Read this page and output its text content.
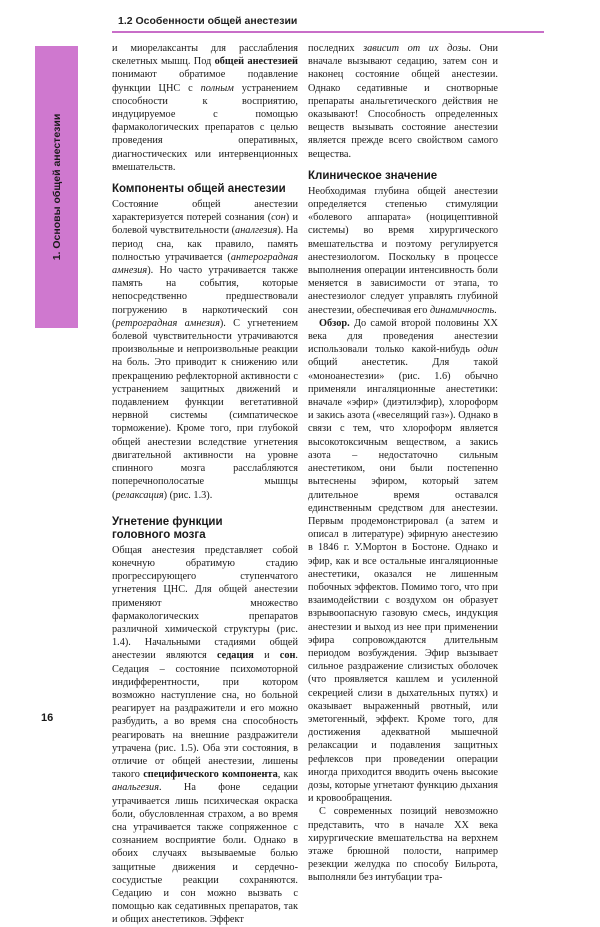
1.2 Особенности общей анестезии
1. Основы общей анестезии
16

и миорелаксанты для расслабления скелетных мышц. Под общей анестезией понимают обратимое подавление функции ЦНС с полным устранением способности к восприятию, индуцируемое с помощью фармакологических препаратов с целью проведения оперативных, диагностических или интервенционных вмешательств.

Компоненты общей анестезии

Состояние общей анестезии характеризуется потерей сознания (сон) и болевой чувствительности (аналгезия). На период сна, как правило, память полностью утрачивается (антероградная амнезия). Но часто утрачивается также память на события, которые непосредственно предшествовали погружению в наркотический сон (ретроградная амнезия). С угнетением болевой чувствительности утрачиваются произвольные и непроизвольные реакции на боль. Это приводит к снижению или прекращению рефлекторной активности с устранением защитных движений и подавлением функции вегетативной нервной системы (симпатическое торможение). Кроме того, при глубокой общей анестезии вследствие угнетения двигательной активности на уровне спинного мозга расслабляются поперечнополосатые мышцы (релаксация) (рис. 1.3).

Угнетение функции
головного мозга

Общая анестезия представляет собой конечную обратимую стадию прогрессирующего ступенчатого угнетения ЦНС. Для общей анестезии применяют множество фармакологических препаратов различной химической структуры (рис. 1.4). Начальными стадиями общей анестезии являются седация и сон. Седация – состояние психомоторной индифферентности, при котором возможно наступление сна, но больной реагирует на раздражители и его можно разбудить, а во время сна способность реагировать на внешние раздражители утрачена (рис. 1.5). Оба эти состояния, в отличие от общей анестезии, лишены такого специфического компонента, как анальгезия. На фоне седации утрачивается лишь психическая окраска боли, обусловленная страхом, а во время сна утрачивается также сопряженное с сознанием восприятие боли. Однако в обоих случаях вызываемые болью защитные движения и сердечно-сосудистые реакции сохраняются. Седацию и сон можно вызвать с помощью как седативных препаратов, так и общих анестетиков. Эффект

последних зависит от их дозы. Они вначале вызывают седацию, затем сон и наконец состояние общей анестезии. Однако седативные и снотворные препараты анальгетического действия не оказывают! Способность определенных веществ вызывать состояние анестезии является прежде всего свойством самого вещества.

Клиническое значение

Необходимая глубина общей анестезии определяется степенью стимуляции «болевого аппарата» (ноцицептивной системы) во время хирургического вмешательства и поэтому регулируется анестезиологом. Поскольку в процессе выполнения операции интенсивность боли меняется в зависимости от этапа, то анестезиолог следует управлять глубиной анестезии, обеспечивая его динамичность.

Обзор. До самой второй половины XX века для проведения анестезии использовали только какой-нибудь один общий анестетик. Для такой «моноанестезии» (рис. 1.6) обычно применяли ингаляционные анестетики: вначале «эфир» (диэтилэфир), хлороформ и закись азота («веселящий газ»). Однако в связи с тем, что хлороформ является высокотоксичным веществом, а закись азота – недостаточно сильным анестетиком, они были постепенно вытеснены эфиром, который затем длительное время оставался единственным средством для анестезии. Первым продемонстрировал (а затем и описал в литературе) эфирную анестезию в 1846 г. У.Мортон в Бостоне. Однако и эфир, как и все остальные ингаляционные анестетики, оказался не лишенным побочных эффектов. Помимо того, что при взаимодействии с воздухом он образует взрывоопасную газовую смесь, индукция анестезии и выход из нее при применении эфира сопровождаются длительным периодом возбуждения. Эфир вызывает сильное раздражение слизистых оболочек (что проявляется кашлем и усиленной секрецией слизи в дыхательных путях) и оказывает выраженный рвотный, или эметогенный, эффект. Кроме того, для достижения адекватной мышечной релаксации и подавления защитных рефлексов при проведении операции иногда приходится вводить очень высокие дозы, которые угнетают функцию дыхания и кровообращения.

С современных позиций невозможно представить, что в начале XX века хирургические вмешательства на верхнем этаже брюшной полости, например резекции желудка по способу Бильрота, выполняли без интубации тра-
